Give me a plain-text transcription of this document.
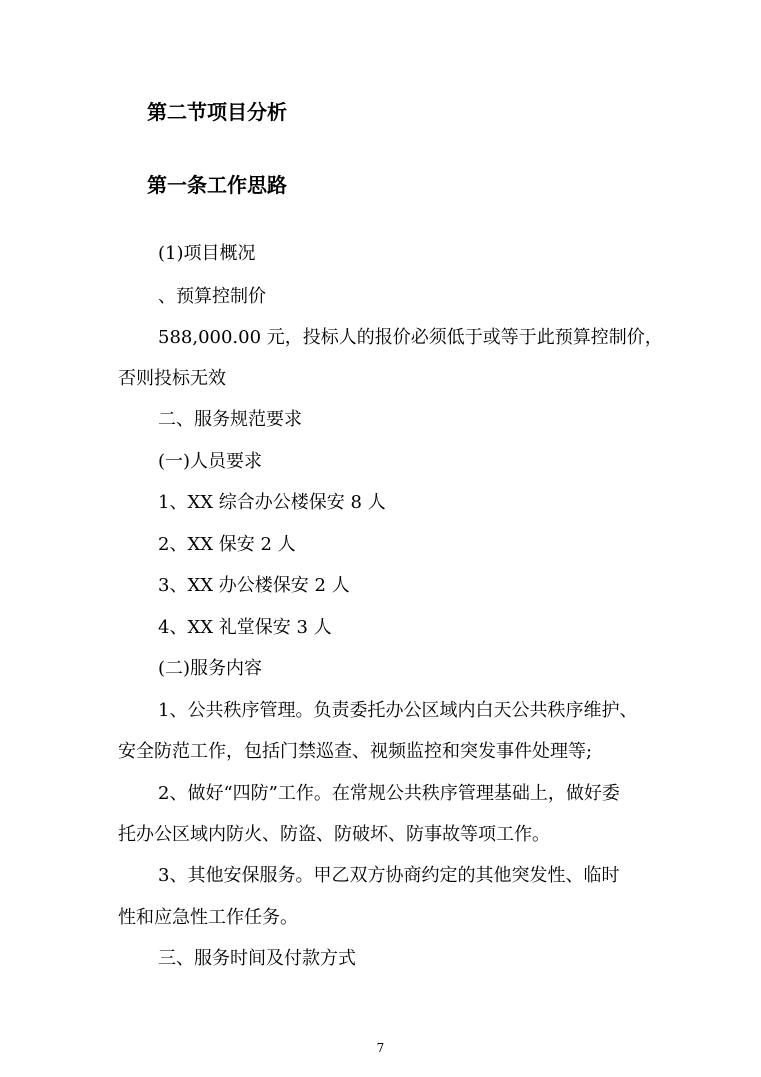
第二节项目分析
第一条工作思路
(1)项目概况
、预算控制价
588,000.00 元，投标人的报价必须低于或等于此预算控制价，
否则投标无效
二、服务规范要求
(一)人员要求
1、XX 综合办公楼保安 8 人
2、XX 保安 2 人
3、XX 办公楼保安 2 人
4、XX 礼堂保安 3 人
(二)服务内容
1、公共秩序管理。负责委托办公区域内白天公共秩序维护、
安全防范工作，包括门禁巡查、视频监控和突发事件处理等;
2、做好“四防”工作。在常规公共秩序管理基础上，做好委
托办公区域内防火、防盗、防破坏、防事故等项工作。
3、其他安保服务。甲乙双方协商约定的其他突发性、临时
性和应急性工作任务。
三、服务时间及付款方式
7
